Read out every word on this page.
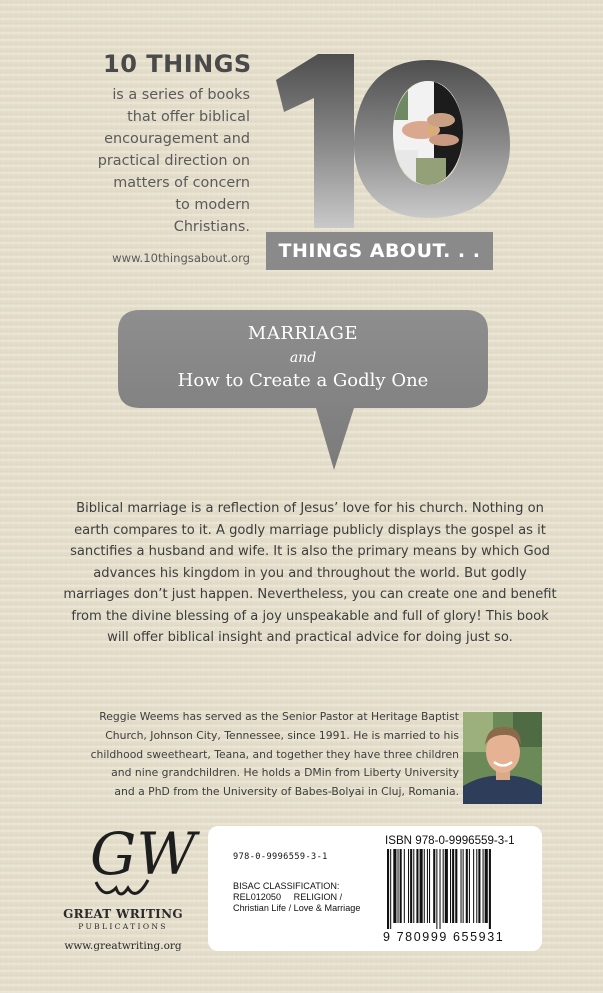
10 THINGS
is a series of books that offer biblical encouragement and practical direction on matters of concern to modern Christians.
www.10thingsabout.org	THINGS ABOUT. . .
MARRIAGE
and
How to Create a Godly One
Biblical marriage is a reflection of Jesus’ love for his church. Nothing on earth compares to it. A godly marriage publicly displays the gospel as it sanctifies a husband and wife. It is also the primary means by which God advances his kingdom in you and throughout the world. But godly marriages don’t just happen. Nevertheless, you can create one and benefit from the divine blessing of a joy unspeakable and full of glory! This book will offer biblical insight and practical advice for doing just so.
Reggie Weems has served as the Senior Pastor at Heritage Baptist Church, Johnson City, Tennessee, since 1991. He is married to his childhood sweetheart, Teana, and together they have three children and nine grandchildren. He holds a DMin from Liberty University and a PhD from the University of Babes-Bolyai in Cluj, Romania.
GW
GREAT WRITING
PUBLICATIONS
www.greatwriting.org
ISBN 978-0-9996559-3-1
978-0-9996559-3-1
BISAC CLASSIFICATION:
REL012050     RELIGION /
Christian Life / Love & Marriage
9 780999 655931
